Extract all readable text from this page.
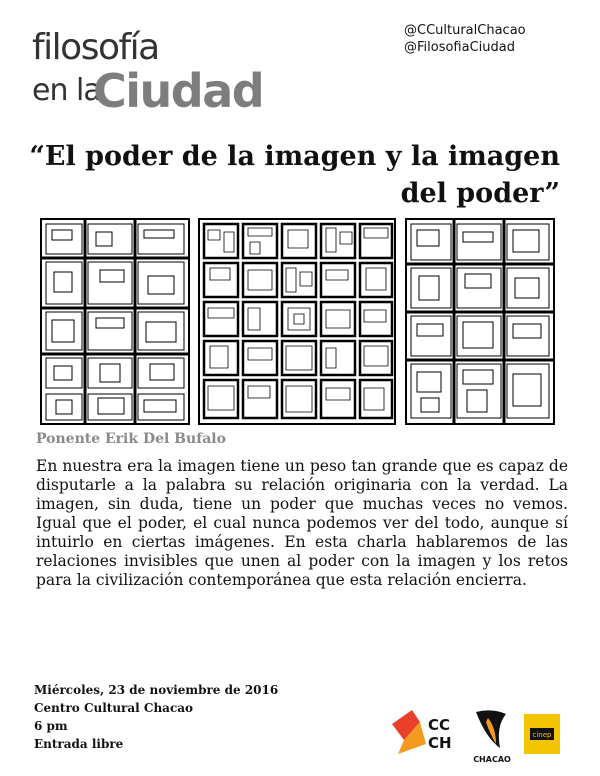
filosofía
en la
Ciudad
@CCulturalChacao
@FilosofiaCiudad
“El poder de la imagen y la imagen
del poder”
Ponente Erik Del Bufalo
En nuestra era la imagen tiene un peso tan grande que es capaz de disputarle a la palabra su relación originaria con la verdad. La imagen, sin duda, tiene un poder que muchas veces no vemos. Igual que el poder, el cual nunca podemos ver del todo, aunque sí intuirlo en ciertas imágenes. En esta charla hablaremos de las relaciones invisibles que unen al poder con la imagen y los retos para la civilización contemporánea que esta relación encierra.
Miércoles, 23 de noviembre de 2016
Centro Cultural Chacao
6 pm
Entrada libre
CC
CH
CHACAO
cinep
